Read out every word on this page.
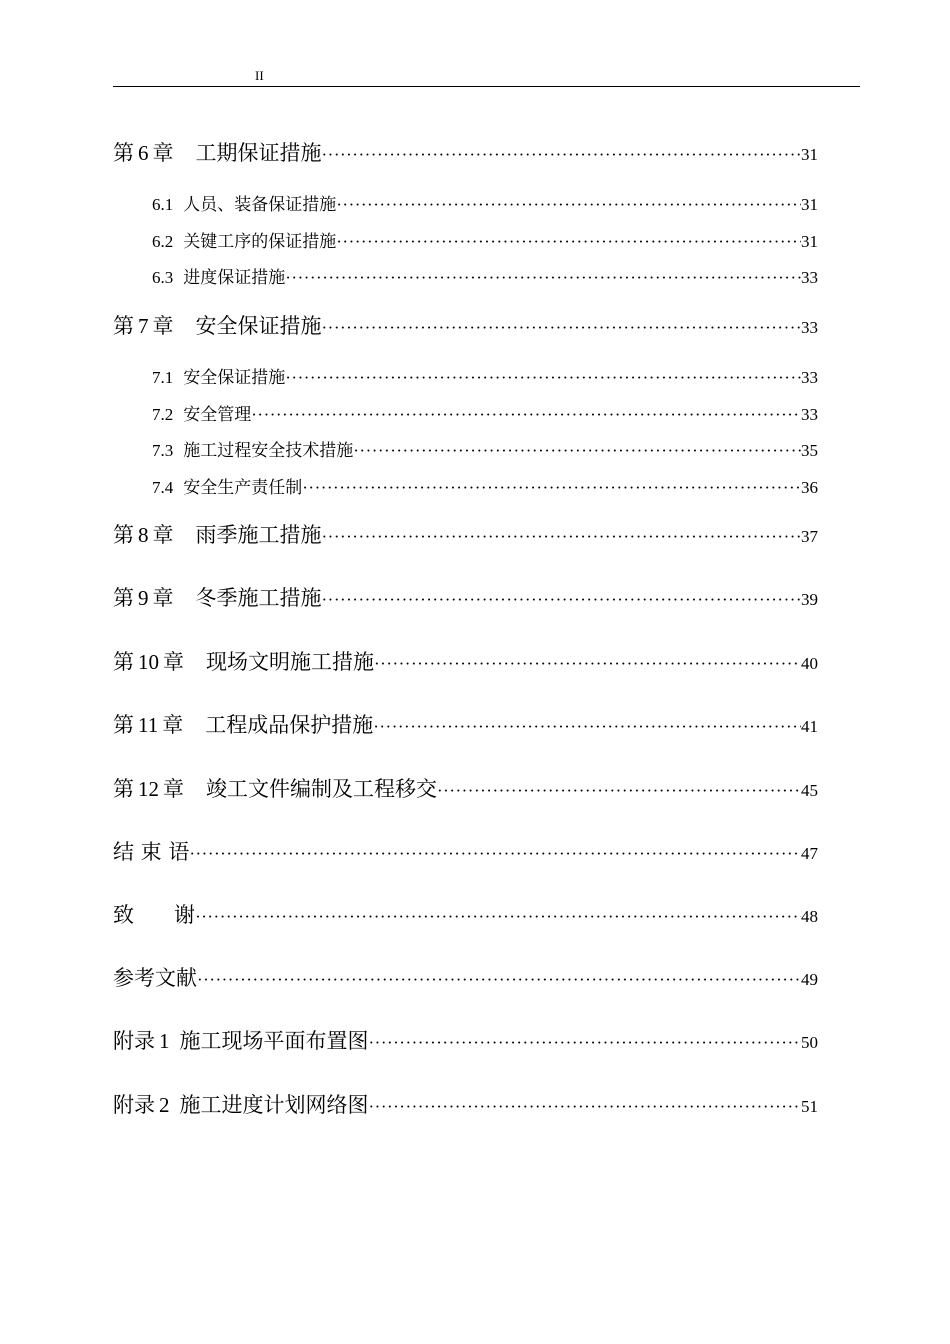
II
第 6 章 工期保证措施 ·····	31
6.1 人员、装备保证措施 ·····	31
6.2 关键工序的保证措施 ·····	31
6.3 进度保证措施 ·····	33
第 7 章 安全保证措施 ·····	33
7.1 安全保证措施 ·····	33
7.2 安全管理 ·····	33
7.3 施工过程安全技术措施 ·····	35
7.4 安全生产责任制 ·····	36
第 8 章 雨季施工措施 ·····	37
第 9 章 冬季施工措施 ·····	39
第 10 章 现场文明施工措施 ·····	40
第 11 章 工程成品保护措施 ·····	41
第 12 章 竣工文件编制及工程移交 ·····	45
结 束 语 ·····	47
致      谢 ·····	48
参考文献 ·····	49
附录 1 施工现场平面布置图 ·····	50
附录 2 施工进度计划网络图 ·····	51
